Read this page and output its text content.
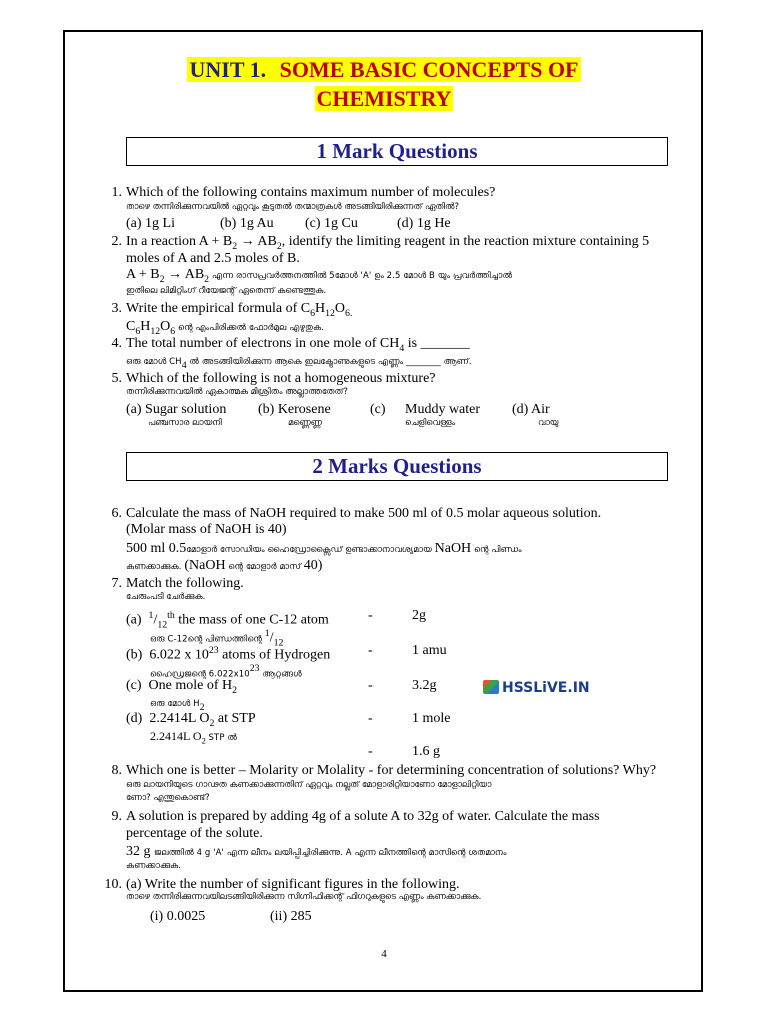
UNIT 1. SOME BASIC CONCEPTS OF
CHEMISTRY
1 Mark Questions
1. Which of the following contains maximum number of molecules?
താഴെ തന്നിരിക്കുന്നവയിൽ ഏറ്റവും കൂടുതൽ തന്മാത്രകൾ അടങ്ങിയിരിക്കുന്നത് ഏതിൽ?
(a) 1g Li	(b) 1g Au (c) 1g Cu	(d) 1g He
2. In a reaction $A + B_2 \to AB_2$, identify the limiting reagent in the reaction mixture containing 5
moles of A and 2.5 moles of B.
$A + B_2 \to AB_2$ എന്ന രാസപ്രവർത്തനത്തിൽ 5മോൾ 'A' ഉം 2.5 മോൾ B യും പ്രവർത്തിച്ചാൽ
ഇതിലെ ലിമിറ്റിംഗ് റീയേജന്റ് ഏതെന്ന് കണ്ടെത്തുക.
3. Write the empirical formula of $C_6H_{12}O_{6.}$
$C_6H_{12}O_6$ ന്റെ എംപിരിക്കൽ ഫോർമുല എഴുതുക.
4. The total number of electrons in one mole of $CH_4$ is _______
ഒരു മോൾ $CH_4$ ൽ അടങ്ങിയിരിക്കുന്ന ആകെ ഇലക്ട്രോണുകളുടെ എണ്ണം ________ ആണ്.
5. Which of the following is not a homogeneous mixture?
തന്നിരിക്കുന്നവയിൽ ഏകാത്മക മിശ്രിതം അല്ലാത്തതേത്?
(a) Sugar solution (b) Kerosene	(c) Muddy water (d) Air
പഞ്ചസാര ലായനി	മണ്ണെണ്ണ	ചെളിവെള്ളം	വായു
2 Marks Questions
6. Calculate the mass of NaOH required to make 500 ml of 0.5 molar aqueous solution.
(Molar mass of NaOH is 40)
500 ml 0.5മോളാർ സോഡിയം ഹൈഡ്രോക്സൈഡ് ഉണ്ടാക്കാനാവശ്യമായ NaOH ന്റെ പിണ്ഡം
കണക്കാക്കുക. (NaOH ന്റെ മോളാർ മാസ് 40)
7. Match the following.
ചേരുംപടി ചേർക്കുക.
(a) $^1/_{12}^{th}$ the mass of one C-12 atom	-	2g
ഒരു C-12ന്റെ പിണ്ഡത്തിന്റെ $^1/_{12}$
(b) 6.022 x $10^{23}$ atoms of Hydrogen	-	1 amu
ഹൈഡ്രജന്റെ $6.022x10^{23}$ ആറ്റങ്ങൾ
(c) One mole of $H_2$	-	3.2g
ഒരു മോൾ $H_2$
HSSLiVE.IN
(d) 2.2414L $O_2$ at STP	-	1 mole
2.2414L $O_2$ STP ൽ
-	1.6 g
8. Which one is better – Molarity or Molality - for determining concentration of solutions? Why?
ഒരു ലായനിയുടെ ഗാഢത കണക്കാക്കുന്നതിന് ഏറ്റവും നല്ലത് മോളാരിറ്റിയാണോ മോളാലിറ്റിയാ
ണോ? എന്തുകൊണ്ട്?
9. A solution is prepared by adding 4g of a solute A to 32g of water. Calculate the mass
percentage of the solute.
32 g ജലത്തിൽ 4 g 'A' എന്ന ലീനം ലയിപ്പിച്ചിരിക്കുന്നു. A എന്ന ലീനത്തിന്റെ മാസിന്റെ ശതമാനം
കണക്കാക്കുക.
10. (a) Write the number of significant figures in the following.
താഴെ തന്നിരിക്കുന്നവയിലടങ്ങിയിരിക്കുന്ന സിഗ്നിഫിക്കന്റ് ഫിഗറുകളുടെ എണ്ണം കണക്കാക്കുക.
(i) 0.0025	(ii) 285
4
